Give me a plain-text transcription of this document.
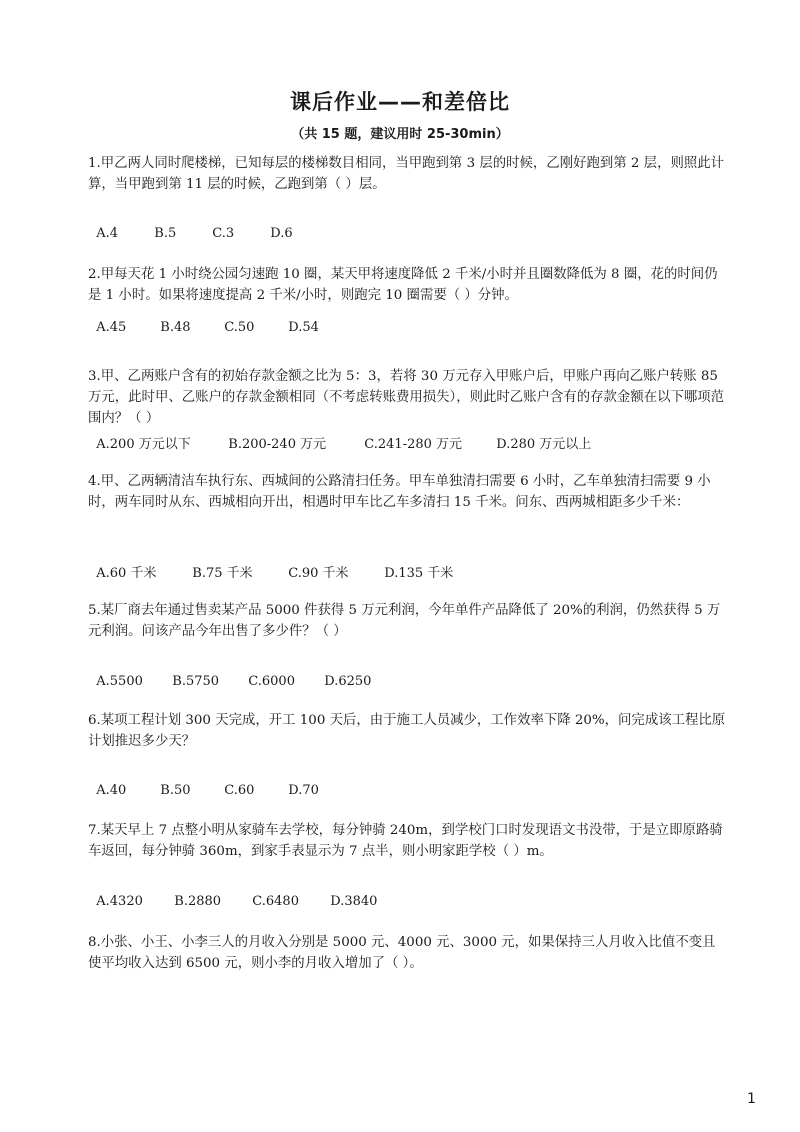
课后作业——和差倍比
（共 15 题，建议用时 25-30min）

1.甲乙两人同时爬楼梯，已知每层的楼梯数目相同，当甲跑到第 3 层的时候，乙刚好跑到第 2 层，则照此计算，当甲跑到第 11 层的时候，乙跑到第（ ）层。

A.4	B.5	C.3	D.6

2.甲每天花 1 小时绕公园匀速跑 10 圈，某天甲将速度降低 2 千米/小时并且圈数降低为 8 圈，花的时间仍是 1 小时。如果将速度提高 2 千米/小时，则跑完 10 圈需要（ ）分钟。

A.45	B.48	C.50	D.54

3.甲、乙两账户含有的初始存款金额之比为 5：3，若将 30 万元存入甲账户后，甲账户再向乙账户转账 85 万元，此时甲、乙账户的存款金额相同（不考虑转账费用损失），则此时乙账户含有的存款金额在以下哪项范围内？（ ）

A.200 万元以下	B.200-240 万元	C.241-280 万元	D.280 万元以上

4.甲、乙两辆清洁车执行东、西城间的公路清扫任务。甲车单独清扫需要 6 小时，乙车单独清扫需要 9 小时，两车同时从东、西城相向开出，相遇时甲车比乙车多清扫 15 千米。问东、西两城相距多少千米：

A.60 千米	B.75 千米	C.90 千米	D.135 千米

5.某厂商去年通过售卖某产品 5000 件获得 5 万元利润，今年单件产品降低了 20%的利润，仍然获得 5 万元利润。问该产品今年出售了多少件？（ ）

A.5500 B.5750 C.6000 D.6250

6.某项工程计划 300 天完成，开工 100 天后，由于施工人员减少，工作效率下降 20%，问完成该工程比原计划推迟多少天？

A.40	B.50	C.60	D.70

7.某天早上 7 点整小明从家骑车去学校，每分钟骑 240m，到学校门口时发现语文书没带，于是立即原路骑车返回，每分钟骑 360m，到家手表显示为 7 点半，则小明家距学校（ ）m。

A.4320 B.2880 C.6480 D.3840

8.小张、小王、小李三人的月收入分别是 5000 元、4000 元、3000 元，如果保持三人月收入比值不变且使平均收入达到 6500 元，则小李的月收入增加了（ ）。

1
